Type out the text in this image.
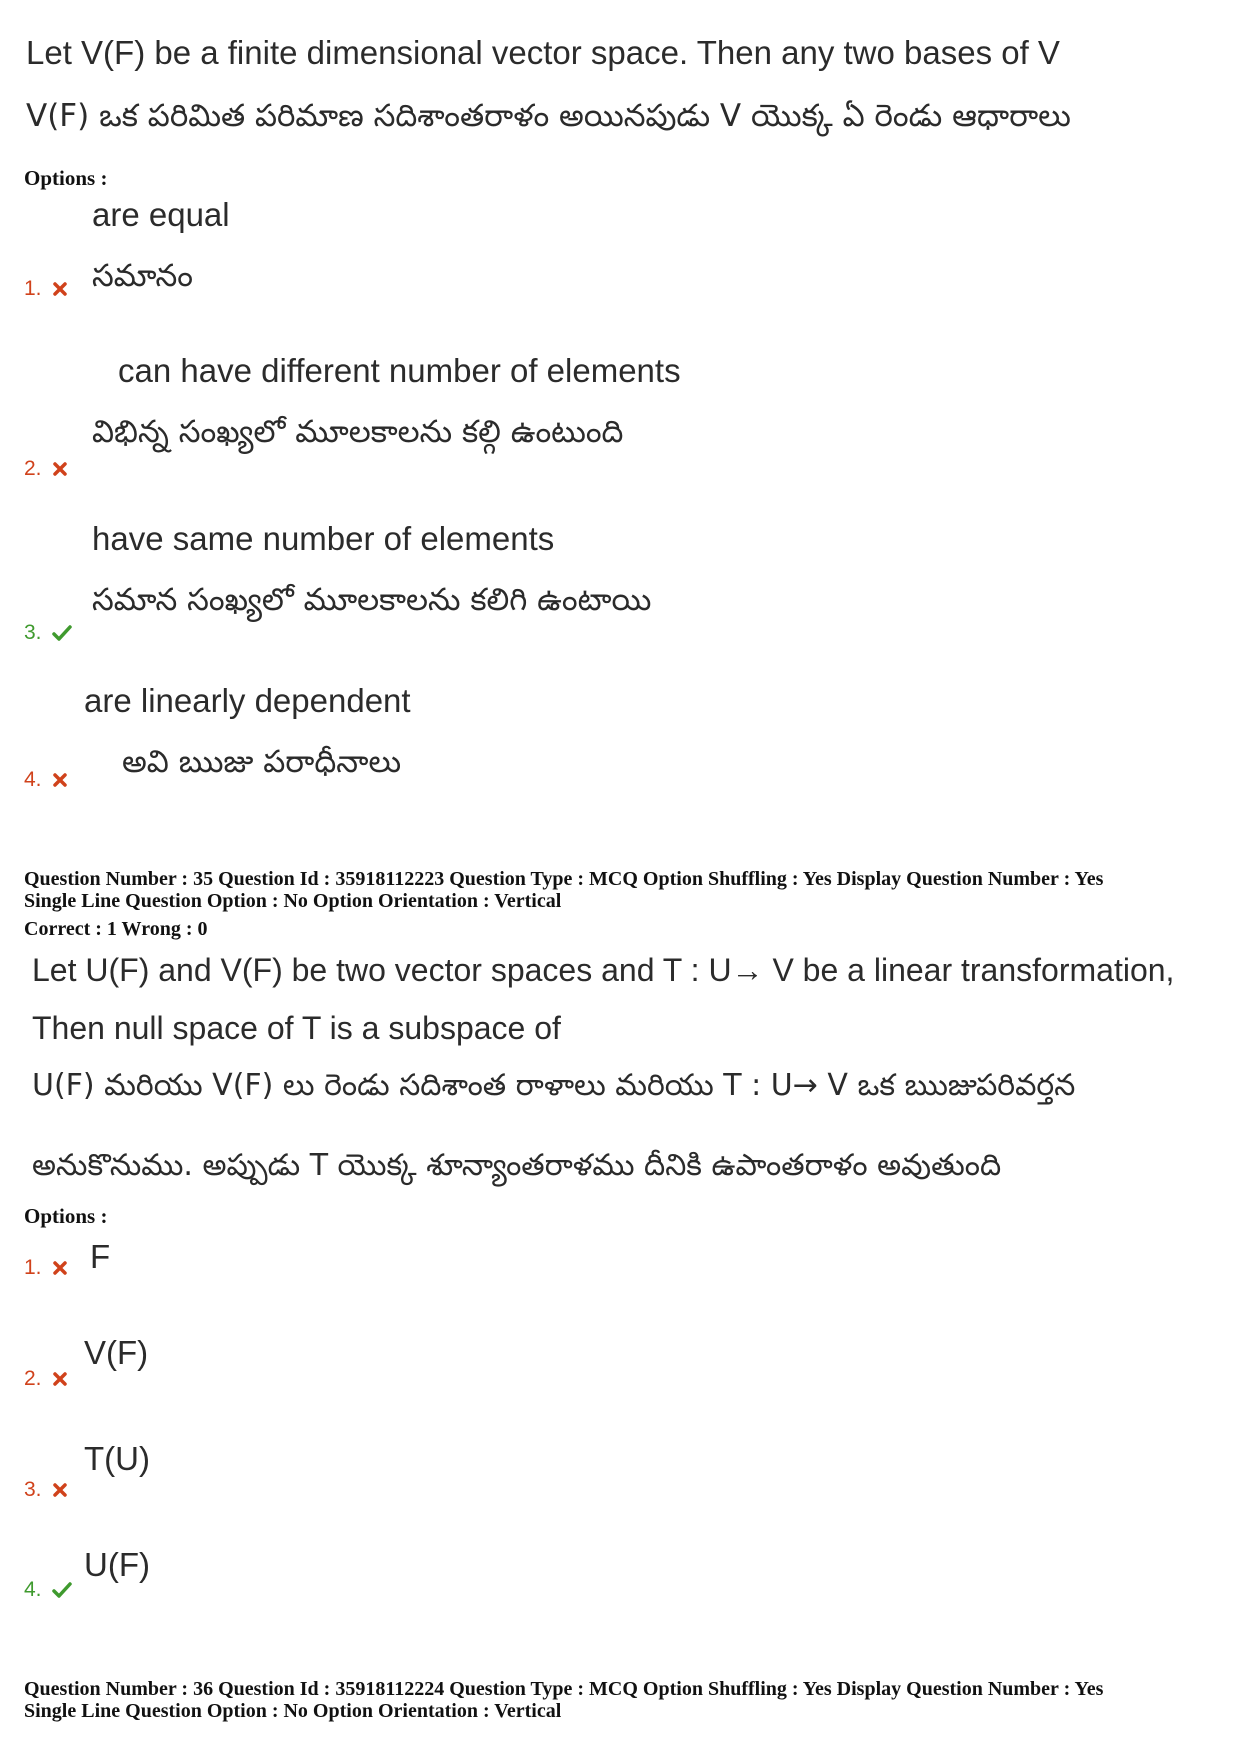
Let V(F) be a finite dimensional vector space. Then any two bases of V
V(F) ఒక పరిమిత పరిమాణ సదిశాంతరాళం అయినపుడు V యొక్క ఏ రెండు ఆధారాలు
Options :
are equal
సమానం
1.
can have different number of elements
విభిన్న సంఖ్యలో మూలకాలను కల్గి ఉంటుంది
2.
have same number of elements
సమాన సంఖ్యలో మూలకాలను కలిగి ఉంటాయి
3.
are linearly dependent
అవి ఋజు పరాధీనాలు
4.
Question Number : 35 Question Id : 35918112223 Question Type : MCQ Option Shuffling : Yes Display Question Number : Yes
Single Line Question Option : No Option Orientation : Vertical
Correct : 1 Wrong : 0
Let U(F) and V(F) be two vector spaces and T : U→ V be a linear transformation,
Then null space of T is a subspace of
U(F) మరియు V(F) లు రెండు సదిశాంత రాళాలు మరియు T : U→ V ఒక ఋజుపరివర్తన
అనుకొనుము. అప్పుడు T యొక్క శూన్యాంతరాళము దీనికి ఉపాంతరాళం అవుతుంది
Options :
F
1.
V(F)
2.
T(U)
3.
U(F)
4.
Question Number : 36 Question Id : 35918112224 Question Type : MCQ Option Shuffling : Yes Display Question Number : Yes
Single Line Question Option : No Option Orientation : Vertical
